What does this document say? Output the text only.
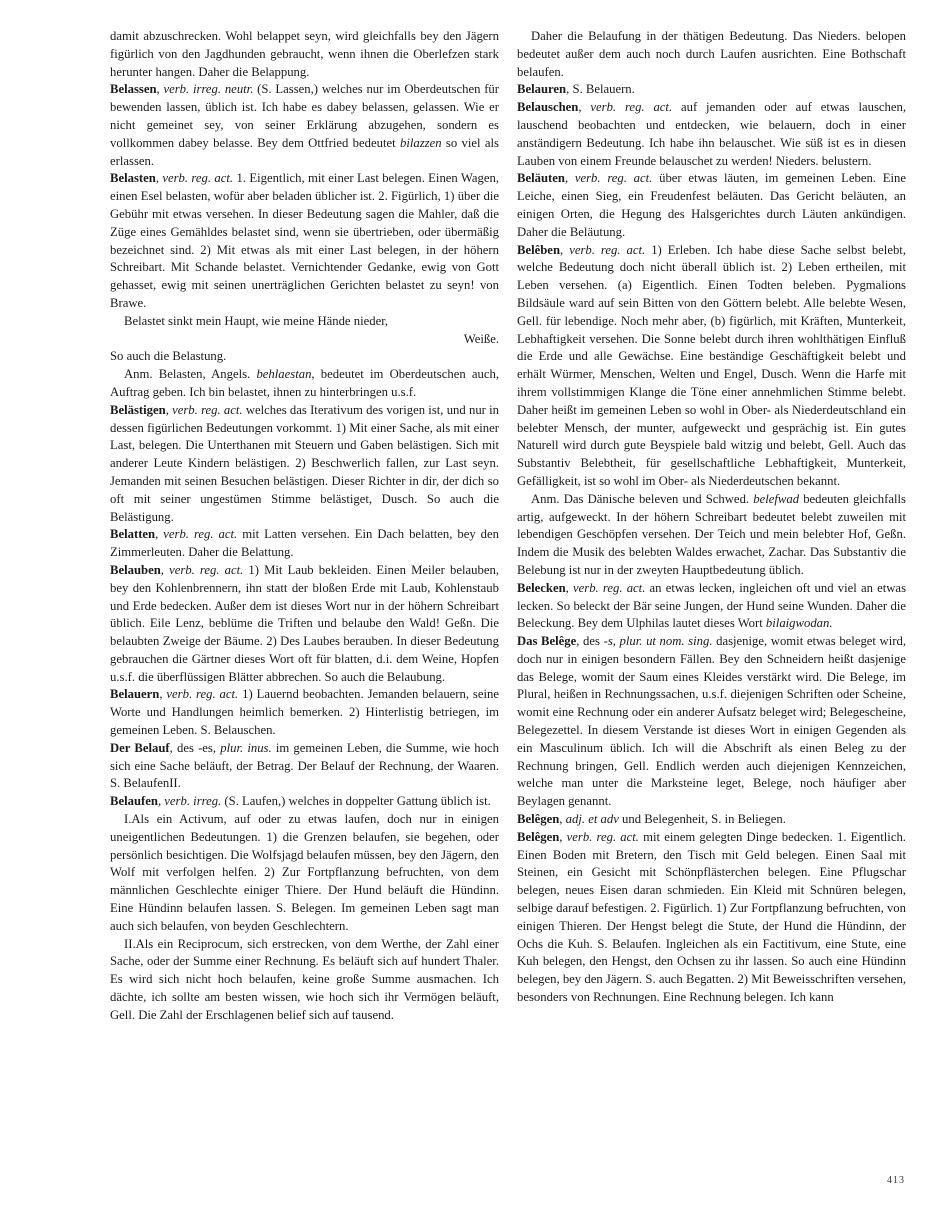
damit abzuschrecken. Wohl belappet seyn, wird gleichfalls bey den Jägern figürlich von den Jagdhunden gebraucht, wenn ihnen die Oberlefzen stark herunter hangen. Daher die Belappung.

Belassen, verb. irreg. neutr. (S. Lassen,) welches nur im Oberdeutschen für bewenden lassen, üblich ist. Ich habe es dabey belassen, gelassen. Wie er nicht gemeinet sey, von seiner Erklärung abzugehen, sondern es vollkommen dabey belasse. Bey dem Ottfried bedeutet bilazzen so viel als erlassen.

Belasten, verb. reg. act. 1. Eigentlich, mit einer Last belegen. Einen Wagen, einen Esel belasten, wofür aber beladen üblicher ist. 2. Figürlich, 1) über die Gebühr mit etwas versehen. In dieser Bedeutung sagen die Mahler, daß die Züge eines Gemähldes belastet sind, wenn sie übertrieben, oder übermäßig bezeichnet sind. 2) Mit etwas als mit einer Last belegen, in der höhern Schreibart. Mit Schande belastet. Vernichtender Gedanke, ewig von Gott gehasset, ewig mit seinen unerträglichen Gerichten belastet zu seyn! von Brawe.

Belastet sinkt mein Haupt, wie meine Hände nieder,

Weiße.

So auch die Belastung.

Anm. Belasten, Angels. behlaestan, bedeutet im Oberdeutschen auch, Auftrag geben. Ich bin belastet, ihnen zu hinterbringen u.s.f.

Belästigen, verb. reg. act. welches das Iterativum des vorigen ist, und nur in dessen figürlichen Bedeutungen vorkommt. 1) Mit einer Sache, als mit einer Last, belegen. Die Unterthanen mit Steuern und Gaben belästigen. Sich mit anderer Leute Kindern belästigen. 2) Beschwerlich fallen, zur Last seyn. Jemanden mit seinen Besuchen belästigen. Dieser Richter in dir, der dich so oft mit seiner ungestümen Stimme belästiget, Dusch. So auch die Belästigung.

Belatten, verb. reg. act. mit Latten versehen. Ein Dach belatten, bey den Zimmerleuten. Daher die Belattung.

Belauben, verb. reg. act. 1) Mit Laub bekleiden. Einen Meiler belauben, bey den Kohlenbrennern, ihn statt der bloßen Erde mit Laub, Kohlenstaub und Erde bedecken. Außer dem ist dieses Wort nur in der höhern Schreibart üblich. Eile Lenz, beblüme die Triften und belaube den Wald! Geßn. Die belaubten Zweige der Bäume. 2) Des Laubes berauben. In dieser Bedeutung gebrauchen die Gärtner dieses Wort oft für blatten, d.i. dem Weine, Hopfen u.s.f. die überflüssigen Blätter abbrechen. So auch die Belaubung.

Belauern, verb. reg. act. 1) Lauernd beobachten. Jemanden belauern, seine Worte und Handlungen heimlich bemerken. 2) Hinterlistig betriegen, im gemeinen Leben. S. Belauschen.

Der Belauf, des -es, plur. inus. im gemeinen Leben, die Summe, wie hoch sich eine Sache beläuft, der Betrag. Der Belauf der Rechnung, der Waaren. S. BelaufenII.

Belaufen, verb. irreg. (S. Laufen,) welches in doppelter Gattung üblich ist.

I.Als ein Activum, auf oder zu etwas laufen, doch nur in einigen uneigentlichen Bedeutungen. 1) die Grenzen belaufen, sie begehen, oder persönlich besichtigen. Die Wolfsjagd belaufen müssen, bey den Jägern, den Wolf mit verfolgen helfen. 2) Zur Fortpflanzung befruchten, von dem männlichen Geschlechte einiger Thiere. Der Hund beläuft die Hündinn. Eine Hündinn belaufen lassen. S. Belegen. Im gemeinen Leben sagt man auch sich belaufen, von beyden Geschlechtern.

II.Als ein Reciprocum, sich erstrecken, von dem Werthe, der Zahl einer Sache, oder der Summe einer Rechnung. Es beläuft sich auf hundert Thaler. Es wird sich nicht hoch belaufen, keine große Summe ausmachen. Ich dächte, ich sollte am besten wissen, wie hoch sich ihr Vermögen beläuft, Gell. Die Zahl der Erschlagenen belief sich auf tausend.

Daher die Belaufung in der thätigen Bedeutung. Das Nieders. belopen bedeutet außer dem auch noch durch Laufen ausrichten. Eine Bothschaft belaufen.

Belauren, S. Belauern.

Belauschen, verb. reg. act. auf jemanden oder auf etwas lauschen, lauschend beobachten und entdecken, wie belauern, doch in einer anständigern Bedeutung. Ich habe ihn belauschet. Wie süß ist es in diesen Lauben von einem Freunde belauschet zu werden! Nieders. belustern.

Beläuten, verb. reg. act. über etwas läuten, im gemeinen Leben. Eine Leiche, einen Sieg, ein Freudenfest beläuten. Das Gericht beläuten, an einigen Orten, die Hegung des Halsgerichtes durch Läuten ankündigen. Daher die Beläutung.

Belêben, verb. reg. act. 1) Erleben. Ich habe diese Sache selbst belebt, welche Bedeutung doch nicht überall üblich ist. 2) Leben ertheilen, mit Leben versehen. (a) Eigentlich. Einen Todten beleben. Pygmalions Bildsäule ward auf sein Bitten von den Göttern belebt. Alle belebte Wesen, Gell. für lebendige. Noch mehr aber, (b) figürlich, mit Kräften, Munterkeit, Lebhaftigkeit versehen. Die Sonne belebt durch ihren wohlthätigen Einfluß die Erde und alle Gewächse. Eine beständige Geschäftigkeit belebt und erhält Würmer, Menschen, Welten und Engel, Dusch. Wenn die Harfe mit ihrem vollstimmigen Klange die Töne einer annehmlichen Stimme belebt. Daher heißt im gemeinen Leben so wohl in Ober- als Niederdeutschland ein belebter Mensch, der munter, aufgeweckt und gesprächig ist. Ein gutes Naturell wird durch gute Beyspiele bald witzig und belebt, Gell. Auch das Substantiv Belebtheit, für gesellschaftliche Lebhaftigkeit, Munterkeit, Gefälligkeit, ist so wohl im Ober- als Niederdeutschen bekannt.

Anm. Das Dänische beleven und Schwed. belefwad bedeuten gleichfalls artig, aufgeweckt. In der höhern Schreibart bedeutet belebt zuweilen mit lebendigen Geschöpfen versehen. Der Teich und mein belebter Hof, Geßn. Indem die Musik des belebten Waldes erwachet, Zachar. Das Substantiv die Belebung ist nur in der zweyten Hauptbedeutung üblich.

Belecken, verb. reg. act. an etwas lecken, ingleichen oft und viel an etwas lecken. So beleckt der Bär seine Jungen, der Hund seine Wunden. Daher die Beleckung. Bey dem Ulphilas lautet dieses Wort bilaigwodan.

Das Belêge, des -s, plur. ut nom. sing. dasjenige, womit etwas beleget wird, doch nur in einigen besondern Fällen. Bey den Schneidern heißt dasjenige das Belege, womit der Saum eines Kleides verstärkt wird. Die Belege, im Plural, heißen in Rechnungssachen, u.s.f. diejenigen Schriften oder Scheine, womit eine Rechnung oder ein anderer Aufsatz beleget wird; Belegescheine, Belegezettel. In diesem Verstande ist dieses Wort in einigen Gegenden als ein Masculinum üblich. Ich will die Abschrift als einen Beleg zu der Rechnung bringen, Gell. Endlich werden auch diejenigen Kennzeichen, welche man unter die Marksteine leget, Belege, noch häufiger aber Beylagen genannt.

Belêgen, adj. et adv und Belegenheit, S. in Beliegen.

Belêgen, verb. reg. act. mit einem gelegten Dinge bedecken. 1. Eigentlich. Einen Boden mit Bretern, den Tisch mit Geld belegen. Einen Saal mit Steinen, ein Gesicht mit Schönpflästerchen belegen. Eine Pflugschar belegen, neues Eisen daran schmieden. Ein Kleid mit Schnüren belegen, selbige darauf befestigen. 2. Figürlich. 1) Zur Fortpflanzung befruchten, von einigen Thieren. Der Hengst belegt die Stute, der Hund die Hündinn, der Ochs die Kuh. S. Belaufen. Ingleichen als ein Factitivum, eine Stute, eine Kuh belegen, den Hengst, den Ochsen zu ihr lassen. So auch eine Hündinn belegen, bey den Jägern. S. auch Begatten. 2) Mit Beweisschriften versehen, besonders von Rechnungen. Eine Rechnung belegen. Ich kann

413
